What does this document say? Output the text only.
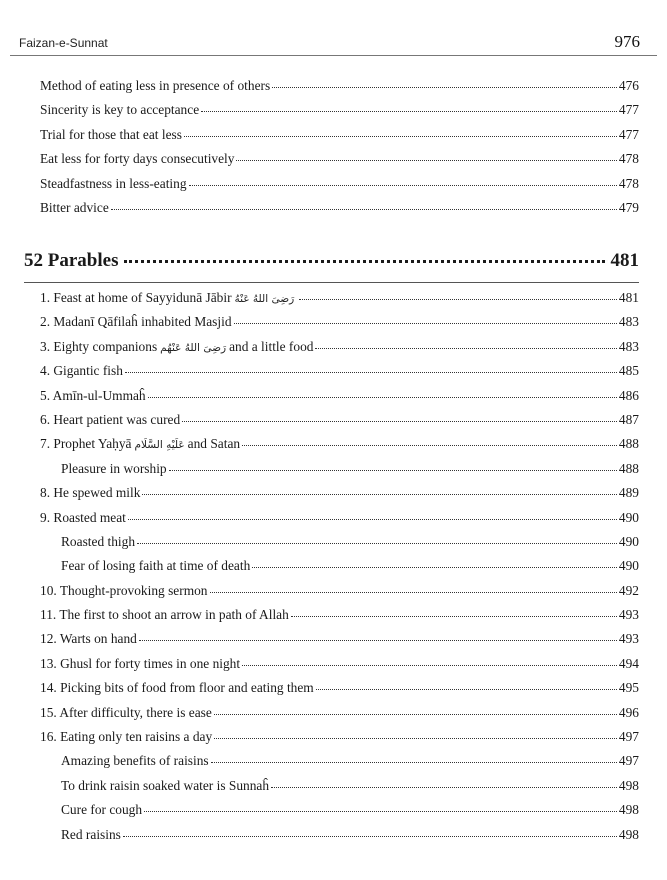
Faizan-e-Sunnat	976
Method of eating less in presence of others	476
Sincerity is key to acceptance	477
Trial for those that eat less	477
Eat less for forty days consecutively	478
Steadfastness in less-eating	478
Bitter advice	479
52 Parables	481
1. Feast at home of Sayyidunā Jābir رَضِیَ اللهُ عَنْهُ	481
2. Madanī Qāfilaĥ inhabited Masjid	483
3. Eighty companions رَضِیَ اللهُ عَنْهُم and a little food	483
4. Gigantic fish	485
5. Amīn-ul-Ummaĥ	486
6. Heart patient was cured	487
7. Prophet Yaḥyā عَلَیْهِ السَّلَام and Satan	488
Pleasure in worship	488
8. He spewed milk	489
9. Roasted meat	490
Roasted thigh	490
Fear of losing faith at time of death	490
10. Thought-provoking sermon	492
11. The first to shoot an arrow in path of Allah	493
12. Warts on hand	493
13. Ghusl for forty times in one night	494
14. Picking bits of food from floor and eating them	495
15. After difficulty, there is ease	496
16. Eating only ten raisins a day	497
Amazing benefits of raisins	497
To drink raisin soaked water is Sunnaĥ	498
Cure for cough	498
Red raisins	498
